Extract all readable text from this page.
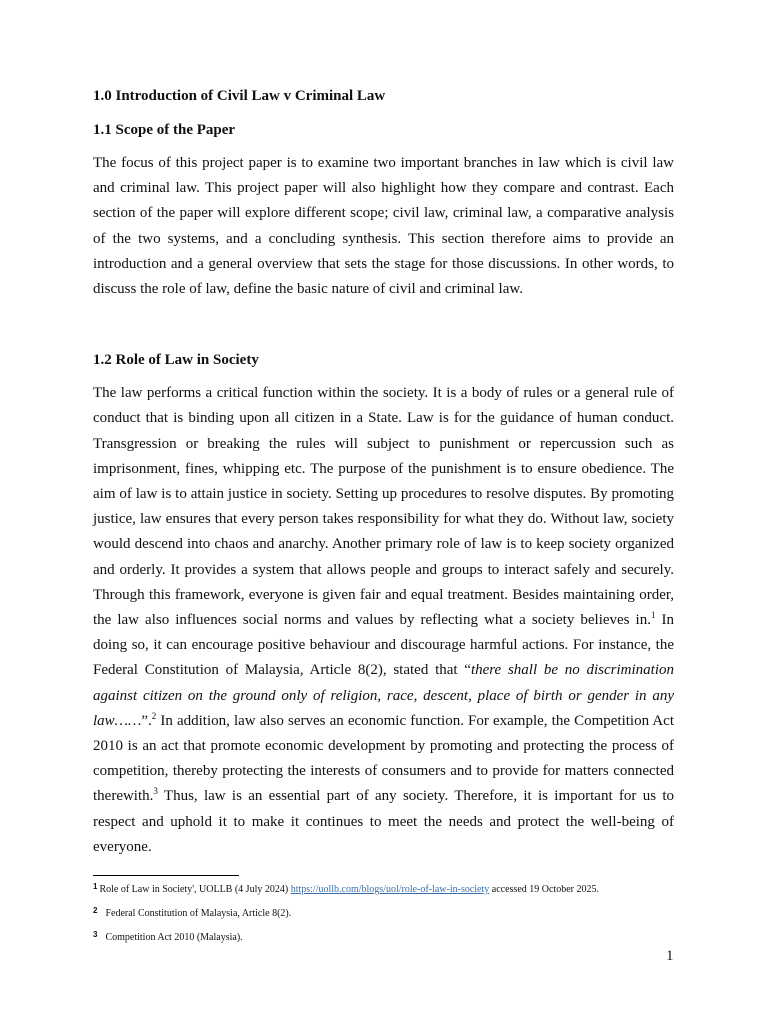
1.0 Introduction of Civil Law v Criminal Law

1.1 Scope of the Paper

The focus of this project paper is to examine two important branches in law which is civil law and criminal law. This project paper will also highlight how they compare and contrast. Each section of the paper will explore different scope; civil law, criminal law, a comparative analysis of the two systems, and a concluding synthesis. This section therefore aims to provide an introduction and a general overview that sets the stage for those discussions. In other words, to discuss the role of law, define the basic nature of civil and criminal law.

1.2 Role of Law in Society

The law performs a critical function within the society. It is a body of rules or a general rule of conduct that is binding upon all citizen in a State. Law is for the guidance of human conduct. Transgression or breaking the rules will subject to punishment or repercussion such as imprisonment, fines, whipping etc. The purpose of the punishment is to ensure obedience. The aim of law is to attain justice in society. Setting up procedures to resolve disputes. By promoting justice, law ensures that every person takes responsibility for what they do. Without law, society would descend into chaos and anarchy. Another primary role of law is to keep society organized and orderly. It provides a system that allows people and groups to interact safely and securely. Through this framework, everyone is given fair and equal treatment. Besides maintaining order, the law also influences social norms and values by reflecting what a society believes in.$^1$ In doing so, it can encourage positive behaviour and discourage harmful actions. For instance, the Federal Constitution of Malaysia, Article 8(2), stated that “there shall be no discrimination against citizen on the ground only of religion, race, descent, place of birth or gender in any law……”.$^2$ In addition, law also serves an economic function. For example, the Competition Act 2010 is an act that promote economic development by promoting and protecting the process of competition, thereby protecting the interests of consumers and to provide for matters connected therewith.$^3$ Thus, law is an essential part of any society. Therefore, it is important for us to respect and uphold it to make it continues to meet the needs and protect the well-being of everyone.

$^1$ Role of Law in Society', UOLLB (4 July 2024) https://uollb.com/blogs/uol/role-of-law-in-society accessed 19 October 2025.

$^2$ Federal Constitution of Malaysia, Article 8(2).

$^3$ Competition Act 2010 (Malaysia).

1
